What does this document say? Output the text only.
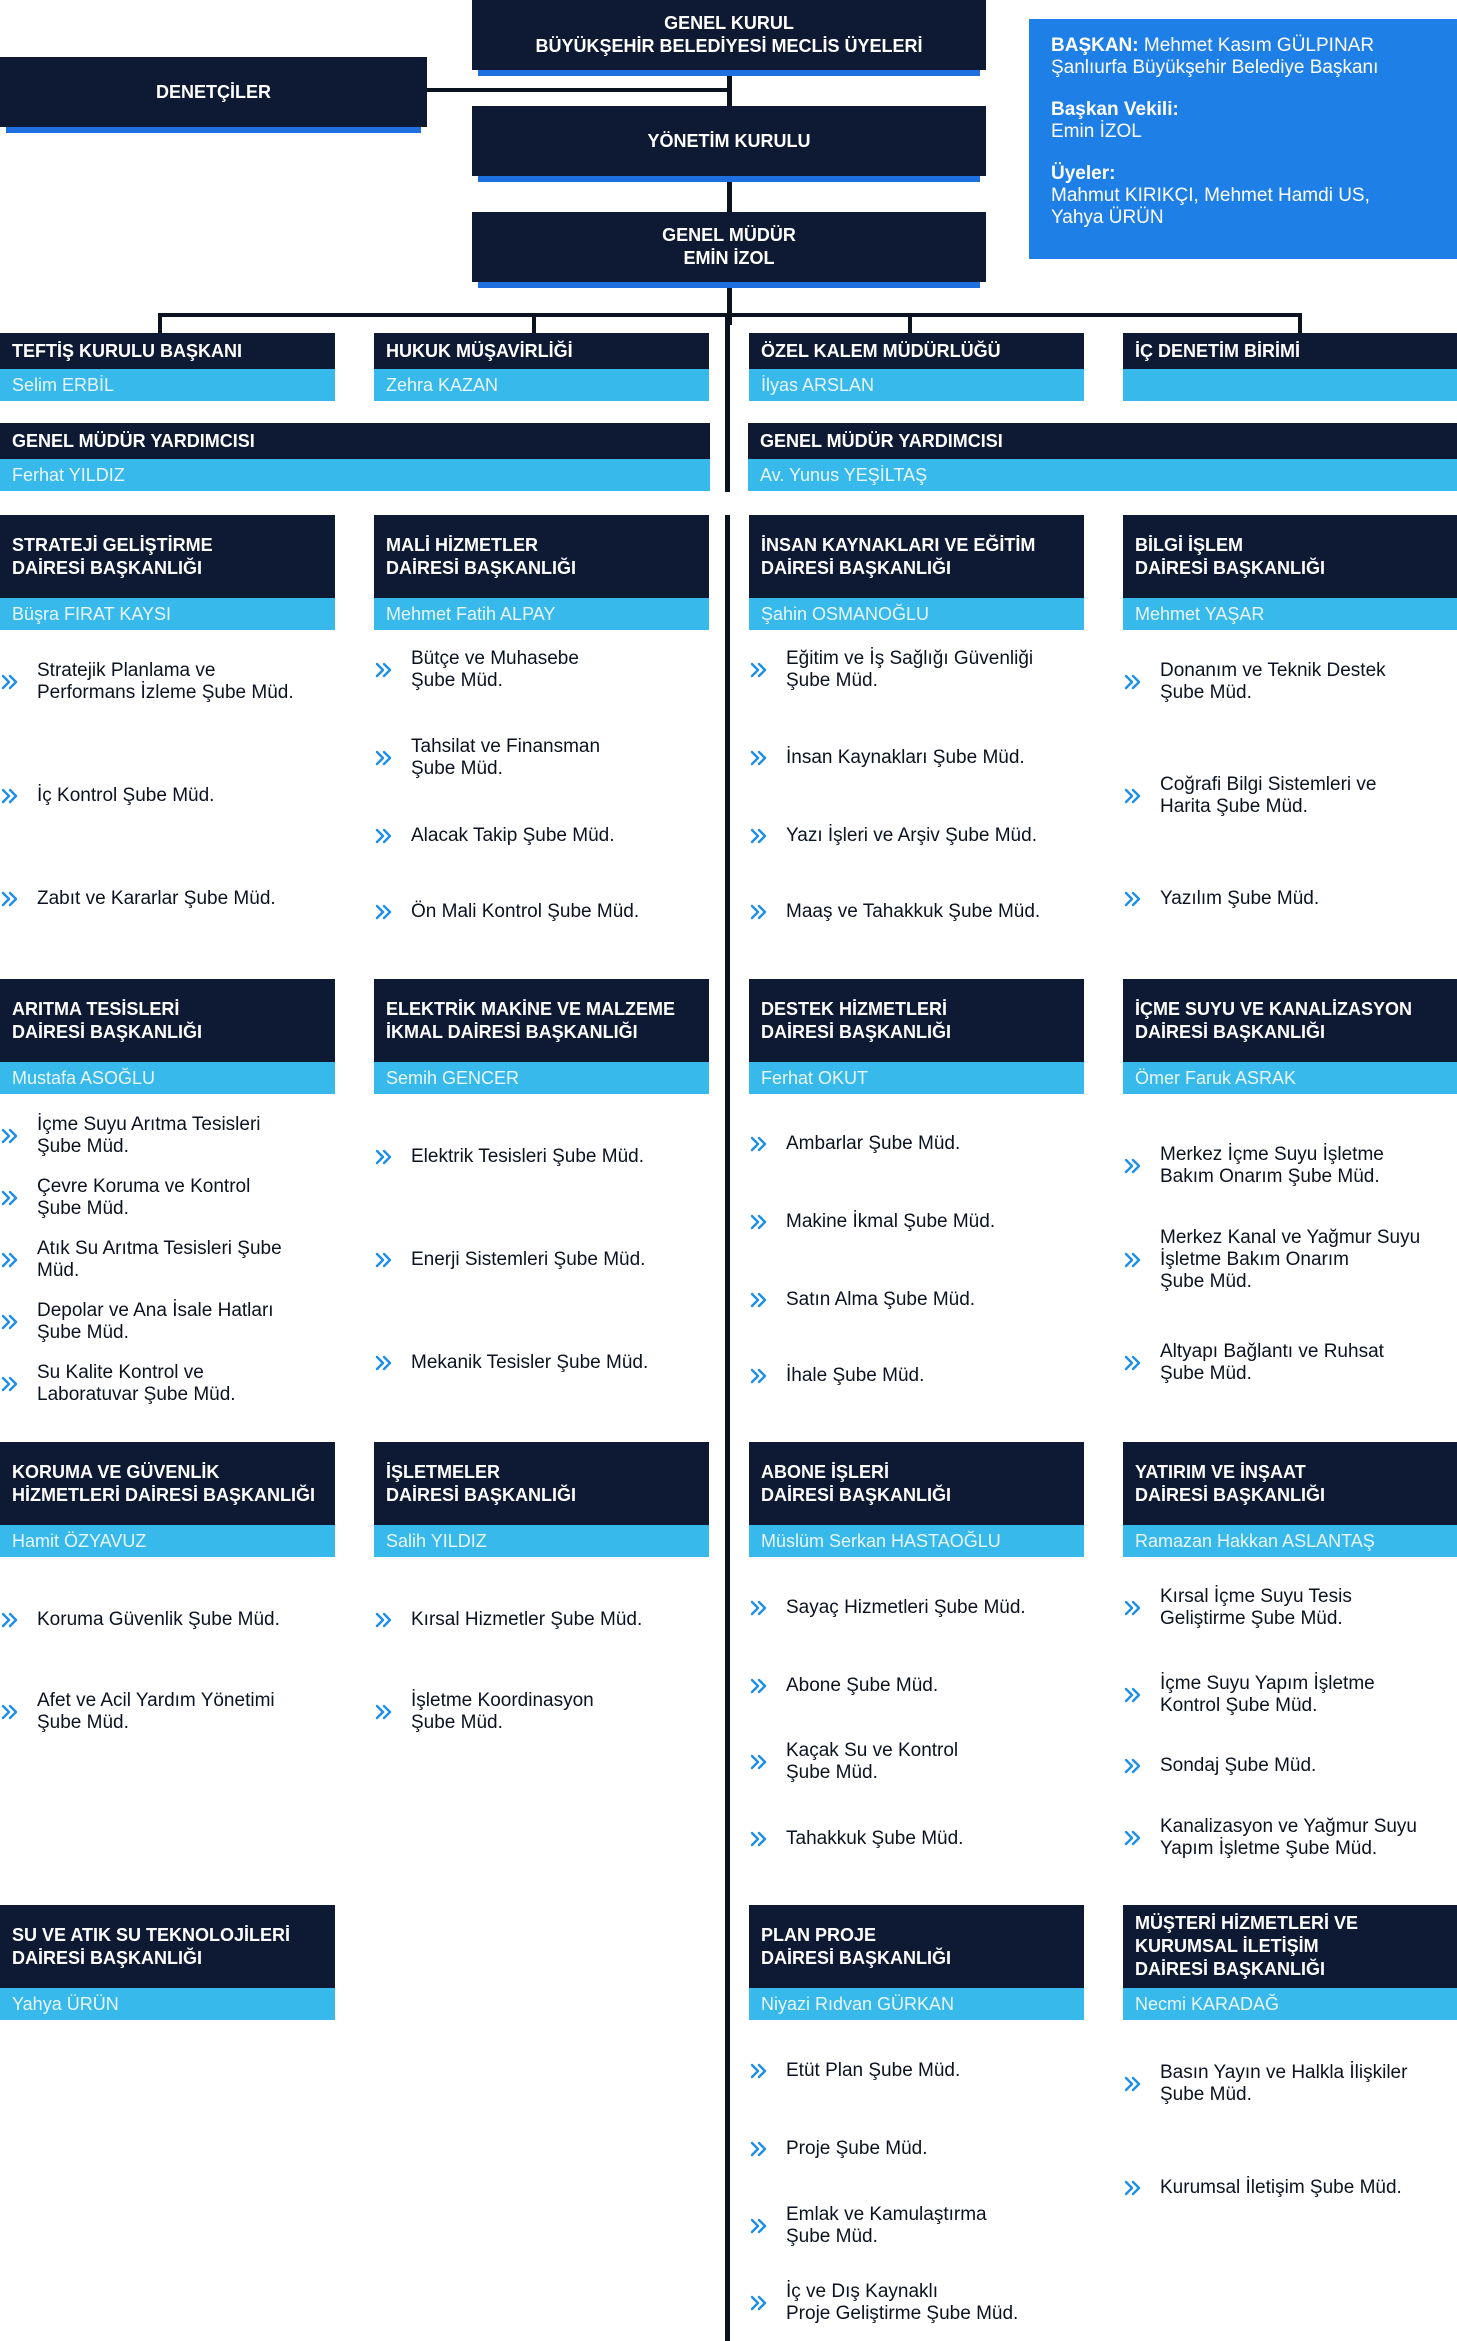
GENEL KURUL
BÜYÜKŞEHİR BELEDİYESİ MECLİS ÜYELERİ
DENETÇİLER
YÖNETİM KURULU
GENEL MÜDÜR
EMİN İZOL
BAŞKAN: Mehmet Kasım GÜLPINAR
Şanlıurfa Büyükşehir Belediye Başkanı
Başkan Vekili:
Emin İZOL
Üyeler:
Mahmut KIRIKÇI, Mehmet Hamdi US,
Yahya ÜRÜN
TEFTİŞ KURULU BAŞKANI
Selim ERBİL
HUKUK MÜŞAVİRLİĞİ
Zehra KAZAN
ÖZEL KALEM MÜDÜRLÜĞÜ
İlyas ARSLAN
İÇ DENETİM BİRİMİ
GENEL MÜDÜR YARDIMCISI
Ferhat YILDIZ
GENEL MÜDÜR YARDIMCISI
Av. Yunus YEŞİLTAŞ
STRATEJİ GELİŞTİRME
DAİRESİ BAŞKANLIĞI
Büşra FIRAT KAYSI
Stratejik Planlama ve
Performans İzleme Şube Müd.
İç Kontrol Şube Müd.
Zabıt ve Kararlar Şube Müd.
MALİ HİZMETLER
DAİRESİ BAŞKANLIĞI
Mehmet Fatih ALPAY
Bütçe ve Muhasebe
Şube Müd.
Tahsilat ve Finansman
Şube Müd.
Alacak Takip Şube Müd.
Ön Mali Kontrol Şube Müd.
İNSAN KAYNAKLARI VE EĞİTİM
DAİRESİ BAŞKANLIĞI
Şahin OSMANOĞLU
Eğitim ve İş Sağlığı Güvenliği
Şube Müd.
İnsan Kaynakları Şube Müd.
Yazı İşleri ve Arşiv Şube Müd.
Maaş ve Tahakkuk Şube Müd.
BİLGİ İŞLEM
DAİRESİ BAŞKANLIĞI
Mehmet YAŞAR
Donanım ve Teknik Destek
Şube Müd.
Coğrafi Bilgi Sistemleri ve
Harita Şube Müd.
Yazılım Şube Müd.
ARITMA TESİSLERİ
DAİRESİ BAŞKANLIĞI
Mustafa ASOĞLU
İçme Suyu Arıtma Tesisleri
Şube Müd.
Çevre Koruma ve Kontrol
Şube Müd.
Atık Su Arıtma Tesisleri Şube
Müd.
Depolar ve Ana İsale Hatları
Şube Müd.
Su Kalite Kontrol ve
Laboratuvar Şube Müd.
ELEKTRİK MAKİNE VE MALZEME
İKMAL DAİRESİ BAŞKANLIĞI
Semih GENCER
Elektrik Tesisleri Şube Müd.
Enerji Sistemleri Şube Müd.
Mekanik Tesisler Şube Müd.
DESTEK HİZMETLERİ
DAİRESİ BAŞKANLIĞI
Ferhat OKUT
Ambarlar Şube Müd.
Makine İkmal Şube Müd.
Satın Alma Şube Müd.
İhale Şube Müd.
İÇME SUYU VE KANALİZASYON
DAİRESİ BAŞKANLIĞI
Ömer Faruk ASRAK
Merkez İçme Suyu İşletme
Bakım Onarım Şube Müd.
Merkez Kanal ve Yağmur Suyu
İşletme Bakım Onarım
Şube Müd.
Altyapı Bağlantı ve Ruhsat
Şube Müd.
KORUMA VE GÜVENLİK
HİZMETLERİ DAİRESİ BAŞKANLIĞI
Hamit ÖZYAVUZ
Koruma Güvenlik Şube Müd.
Afet ve Acil Yardım Yönetimi
Şube Müd.
İŞLETMELER
DAİRESİ BAŞKANLIĞI
Salih YILDIZ
Kırsal Hizmetler Şube Müd.
İşletme Koordinasyon
Şube Müd.
ABONE İŞLERİ
DAİRESİ BAŞKANLIĞI
Müslüm Serkan HASTAOĞLU
Sayaç Hizmetleri Şube Müd.
Abone Şube Müd.
Kaçak Su ve Kontrol
Şube Müd.
Tahakkuk Şube Müd.
YATIRIM VE İNŞAAT
DAİRESİ BAŞKANLIĞI
Ramazan Hakkan ASLANTAŞ
Kırsal İçme Suyu Tesis
Geliştirme Şube Müd.
İçme Suyu Yapım İşletme
Kontrol Şube Müd.
Sondaj Şube Müd.
Kanalizasyon ve Yağmur Suyu
Yapım İşletme Şube Müd.
SU VE ATIK SU TEKNOLOJİLERİ
DAİRESİ BAŞKANLIĞI
Yahya ÜRÜN
PLAN PROJE
DAİRESİ BAŞKANLIĞI
Niyazi Rıdvan GÜRKAN
Etüt Plan Şube Müd.
Proje Şube Müd.
Emlak ve Kamulaştırma
Şube Müd.
İç ve Dış Kaynaklı
Proje Geliştirme Şube Müd.
MÜŞTERİ HİZMETLERİ VE
KURUMSAL İLETİŞİM
DAİRESİ BAŞKANLIĞI
Necmi KARADAĞ
Basın Yayın ve Halkla İlişkiler
Şube Müd.
Kurumsal İletişim Şube Müd.
